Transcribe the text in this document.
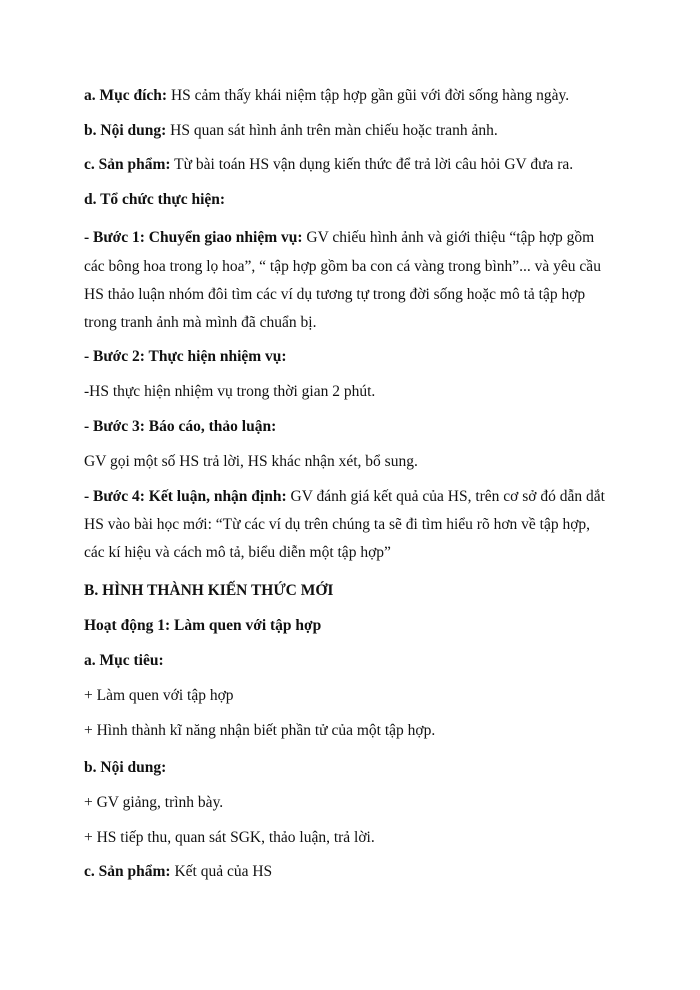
a. Mục đích: HS cảm thấy khái niệm tập hợp gần gũi với đời sống hàng ngày.
b. Nội dung: HS quan sát hình ảnh trên màn chiếu hoặc tranh ảnh.
c. Sản phẩm: Từ bài toán HS vận dụng kiến thức để trả lời câu hỏi GV đưa ra.
d. Tổ chức thực hiện:
- Bước 1: Chuyển giao nhiệm vụ: GV chiếu hình ảnh và giới thiệu “tập hợp gồm
các bông hoa trong lọ hoa”, “ tập hợp gồm ba con cá vàng trong bình”... và yêu cầu
HS thảo luận nhóm đôi tìm các ví dụ tương tự trong đời sống hoặc mô tả tập hợp
trong tranh ảnh mà mình đã chuẩn bị.
- Bước 2: Thực hiện nhiệm vụ:
-HS thực hiện nhiệm vụ trong thời gian 2 phút.
- Bước 3: Báo cáo, thảo luận:
GV gọi một số HS trả lời, HS khác nhận xét, bổ sung.
- Bước 4: Kết luận, nhận định: GV đánh giá kết quả của HS, trên cơ sở đó dẫn dắt
HS vào bài học mới: “Từ các ví dụ trên chúng ta sẽ đi tìm hiểu rõ hơn về tập hợp,
các kí hiệu và cách mô tả, biểu diễn một tập hợp”
B. HÌNH THÀNH KIẾN THỨC MỚI
Hoạt động 1: Làm quen với tập hợp
a. Mục tiêu:
+ Làm quen với tập hợp
+ Hình thành kĩ năng nhận biết phần tử của một tập hợp.
b. Nội dung:
+ GV giảng, trình bày.
+ HS tiếp thu, quan sát SGK, thảo luận, trả lời.
c. Sản phẩm: Kết quả của HS
